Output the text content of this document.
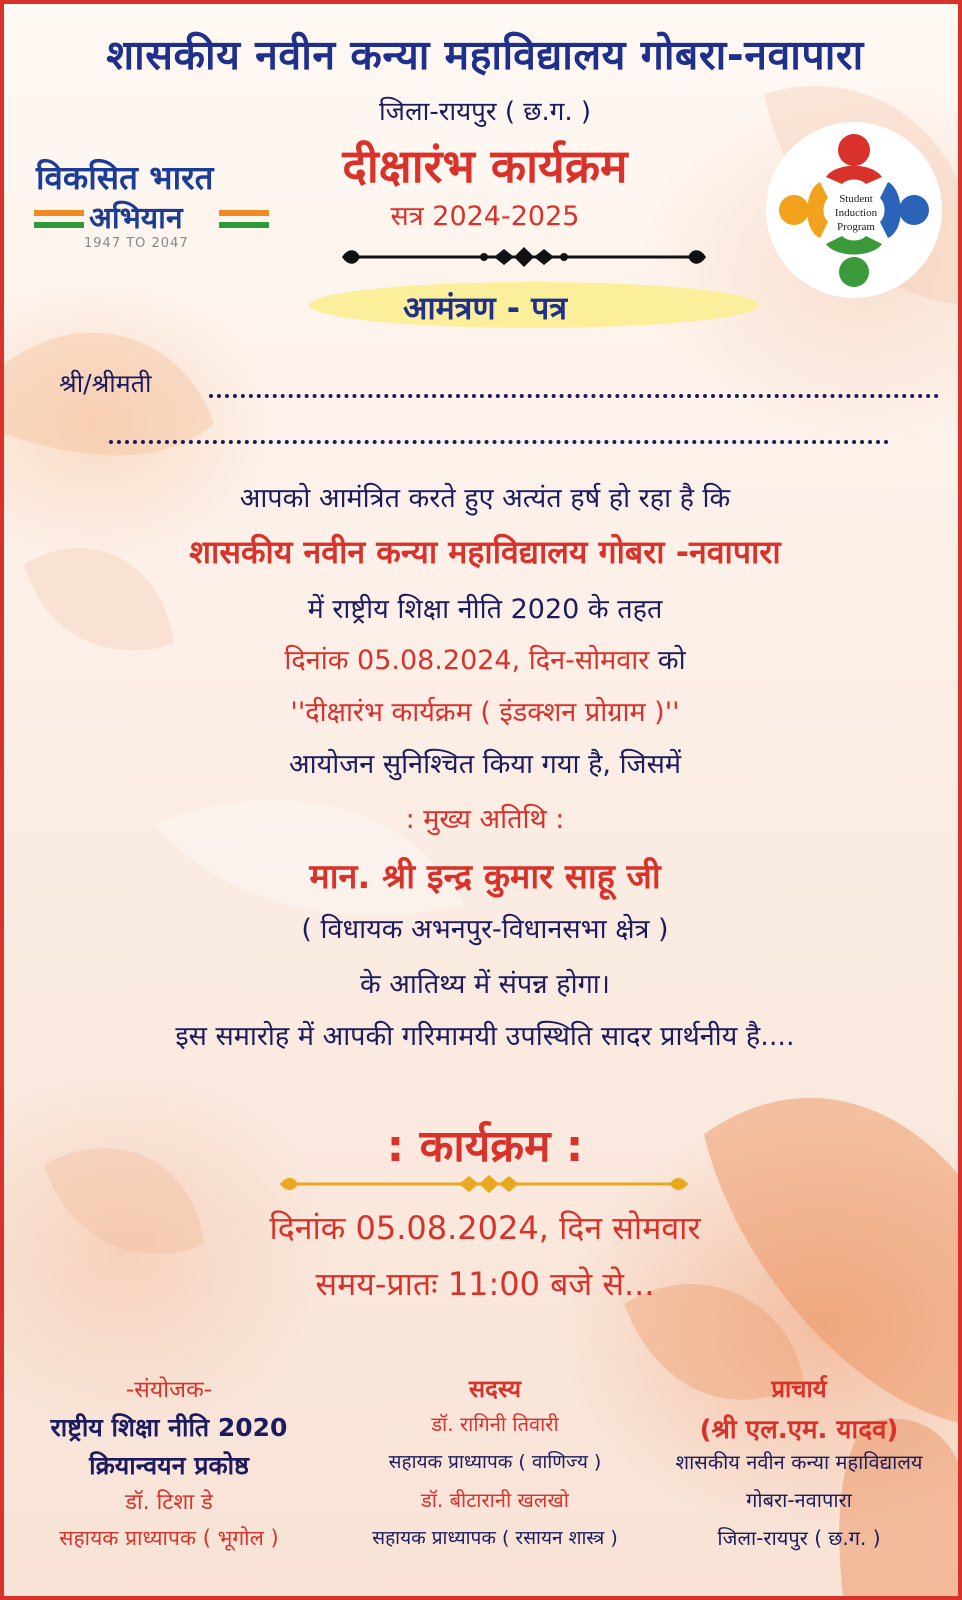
शासकीय नवीन कन्या महाविद्यालय गोबरा-नवापारा
जिला-रायपुर ( छ.ग. )
दीक्षारंभ कार्यक्रम
सत्र 2024-2025
आमंत्रण - पत्र
विकसित भारत
अभियान
1947 TO 2047
Student Induction Program
श्री/श्रीमती
आपको आमंत्रित करते हुए अत्यंत हर्ष हो रहा है कि
शासकीय नवीन कन्या महाविद्यालय गोबरा -नवापारा
में राष्ट्रीय शिक्षा नीति 2020 के तहत
दिनांक 05.08.2024, दिन-सोमवार को
''दीक्षारंभ कार्यक्रम ( इंडक्शन प्रोग्राम )''
आयोजन सुनिश्चित किया गया है, जिसमें
: मुख्य अतिथि :
मान. श्री इन्द्र कुमार साहू जी
( विधायक अभनपुर-विधानसभा क्षेत्र )
के आतिथ्य में संपन्न होगा।
इस समारोह में आपकी गरिमामयी उपस्थिति सादर प्रार्थनीय है....
: कार्यक्रम :
दिनांक 05.08.2024, दिन सोमवार
समय-प्रातः 11:00 बजे से...
-संयोजक-
राष्ट्रीय शिक्षा नीति 2020
क्रियान्वयन प्रकोष्ठ
डॉ. टिशा डे
सहायक प्राध्यापक ( भूगोल )
सदस्य
डॉ. रागिनी तिवारी
सहायक प्राध्यापक ( वाणिज्य )
डॉ. बीटारानी खलखो
सहायक प्राध्यापक ( रसायन शास्त्र )
प्राचार्य
(श्री एल.एम. यादव)
शासकीय नवीन कन्या महाविद्यालय
गोबरा-नवापारा
जिला-रायपुर ( छ.ग. )
